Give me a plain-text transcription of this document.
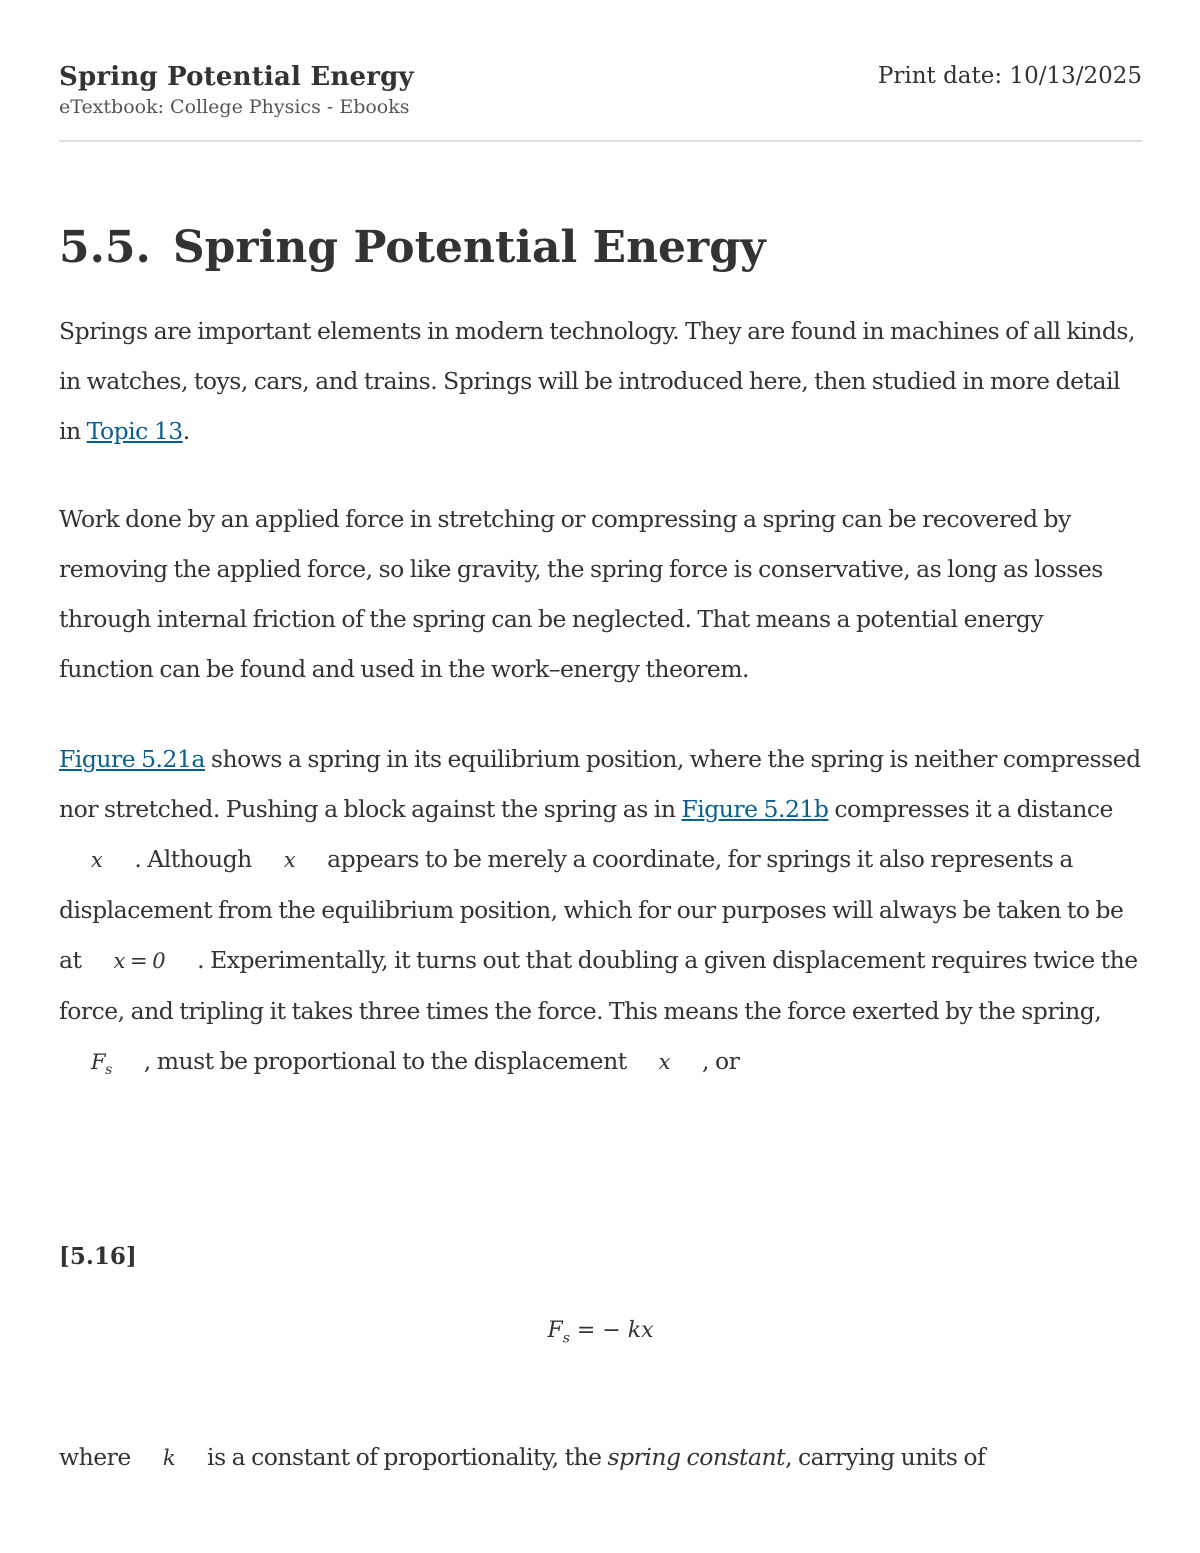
Spring Potential Energy
eTextbook: College Physics - Ebooks
Print date: 10/13/2025
5.5. Spring Potential Energy

Springs are important elements in modern technology. They are found in machines of all kinds, in watches, toys, cars, and trains. Springs will be introduced here, then studied in more detail in Topic 13.

Work done by an applied force in stretching or compressing a spring can be recovered by removing the applied force, so like gravity, the spring force is conservative, as long as losses through internal friction of the spring can be neglected. That means a potential energy function can be found and used in the work–energy theorem.

Figure 5.21a shows a spring in its equilibrium position, where the spring is neither compressed nor stretched. Pushing a block against the spring as in Figure 5.21b compresses it a distancex . Although x appears to be merely a coordinate, for springs it also represents a displacement from the equilibrium position, which for our purposes will always be taken to be at x = 0 . Experimentally, it turns out that doubling a given displacement requires twice the force, and tripling it takes three times the force. This means the force exerted by the $spring,F_s$ , must be proportional to the displacement x , or

[5.16]
$F_s$ = − kx

where k is a constant of proportionality, the spring constant, carrying units of
